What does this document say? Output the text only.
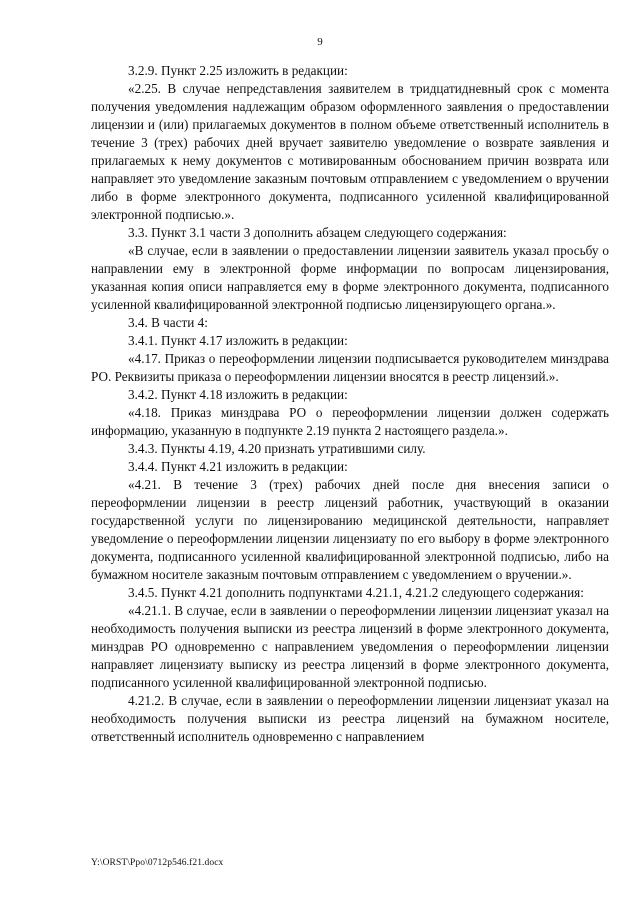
9

3.2.9. Пункт 2.25 изложить в редакции:

«2.25. В случае непредставления заявителем в тридцатидневный срок с момента получения уведомления надлежащим образом оформленного заявления о предоставлении лицензии и (или) прилагаемых документов в полном объеме ответственный исполнитель в течение 3 (трех) рабочих дней вручает заявителю уведомление о возврате заявления и прилагаемых к нему документов с мотивированным обоснованием причин возврата или направляет это уведомление заказным почтовым отправлением с уведомлением о вручении либо в форме электронного документа, подписанного усиленной квалифицированной электронной подписью.».

3.3. Пункт 3.1 части 3 дополнить абзацем следующего содержания:

«В случае, если в заявлении о предоставлении лицензии заявитель указал просьбу о направлении ему в электронной форме информации по вопросам лицензирования, указанная копия описи направляется ему в форме электронного документа, подписанного усиленной квалифицированной электронной подписью лицензирующего органа.».

3.4. В части 4:

3.4.1. Пункт 4.17 изложить в редакции:

«4.17. Приказ о переоформлении лицензии подписывается руководителем минздрава РО. Реквизиты приказа о переоформлении лицензии вносятся в реестр лицензий.».

3.4.2. Пункт 4.18 изложить в редакции:

«4.18. Приказ минздрава РО о переоформлении лицензии должен содержать информацию, указанную в подпункте 2.19 пункта 2 настоящего раздела.».

3.4.3. Пункты 4.19, 4.20 признать утратившими силу.

3.4.4. Пункт 4.21 изложить в редакции:

«4.21. В течение 3 (трех) рабочих дней после дня внесения записи о переоформлении лицензии в реестр лицензий работник, участвующий в оказании государственной услуги по лицензированию медицинской деятельности, направляет уведомление о переоформлении лицензии лицензиату по его выбору в форме электронного документа, подписанного усиленной квалифицированной электронной подписью, либо на бумажном носителе заказным почтовым отправлением с уведомлением о вручении.».

3.4.5. Пункт 4.21 дополнить подпунктами 4.21.1, 4.21.2 следующего содержания:

«4.21.1. В случае, если в заявлении о переоформлении лицензии лицензиат указал на необходимость получения выписки из реестра лицензий в форме электронного документа, минздрав РО одновременно с направлением уведомления о переоформлении лицензии направляет лицензиату выписку из реестра лицензий в форме электронного документа, подписанного усиленной квалифицированной электронной подписью.

4.21.2. В случае, если в заявлении о переоформлении лицензии лицензиат указал на необходимость получения выписки из реестра лицензий на бумажном носителе, ответственный исполнитель одновременно с направлением

Y:\ORST\Ppo\0712p546.f21.docx
